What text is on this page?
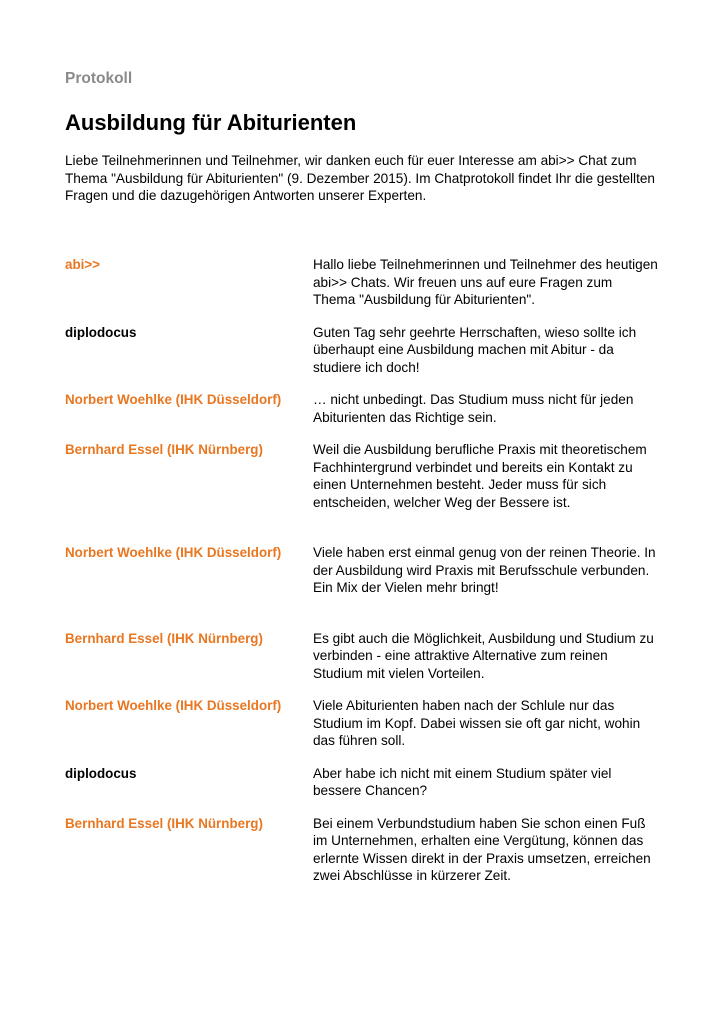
Protokoll

Ausbildung für Abiturienten

Liebe Teilnehmerinnen und Teilnehmer, wir danken euch für euer Interesse am abi>> Chat zum Thema "Ausbildung für Abiturienten" (9. Dezember 2015). Im Chatprotokoll findet Ihr die gestellten Fragen und die dazugehörigen Antworten unserer Experten.

abi>>	Hallo liebe Teilnehmerinnen und Teilnehmer des heutigen abi>> Chats. Wir freuen uns auf eure Fragen zum Thema "Ausbildung für Abiturienten".
diplodocus	Guten Tag sehr geehrte Herrschaften, wieso sollte ich überhaupt eine Ausbildung machen mit Abitur - da studiere ich doch!
Norbert Woehlke (IHK Düsseldorf)	… nicht unbedingt. Das Studium muss nicht für jeden Abiturienten das Richtige sein.
Bernhard Essel (IHK Nürnberg)	Weil die Ausbildung berufliche Praxis mit theoretischem Fachhintergrund verbindet und bereits ein Kontakt zu einen Unternehmen besteht. Jeder muss für sich entscheiden, welcher Weg der Bessere ist.
Norbert Woehlke (IHK Düsseldorf)	Viele haben erst einmal genug von der reinen Theorie. In der Ausbildung wird Praxis mit Berufsschule verbunden. Ein Mix der Vielen mehr bringt!
Bernhard Essel (IHK Nürnberg)	Es gibt auch die Möglichkeit, Ausbildung und Studium zu verbinden - eine attraktive Alternative zum reinen Studium mit vielen Vorteilen.
Norbert Woehlke (IHK Düsseldorf)	Viele Abiturienten haben nach der Schlule nur das Studium im Kopf. Dabei wissen sie oft gar nicht, wohin das führen soll.
diplodocus	Aber habe ich nicht mit einem Studium später viel bessere Chancen?
Bernhard Essel (IHK Nürnberg)	Bei einem Verbundstudium haben Sie schon einen Fuß im Unternehmen, erhalten eine Vergütung, können das erlernte Wissen direkt in der Praxis umsetzen, erreichen zwei Abschlüsse in kürzerer Zeit.
